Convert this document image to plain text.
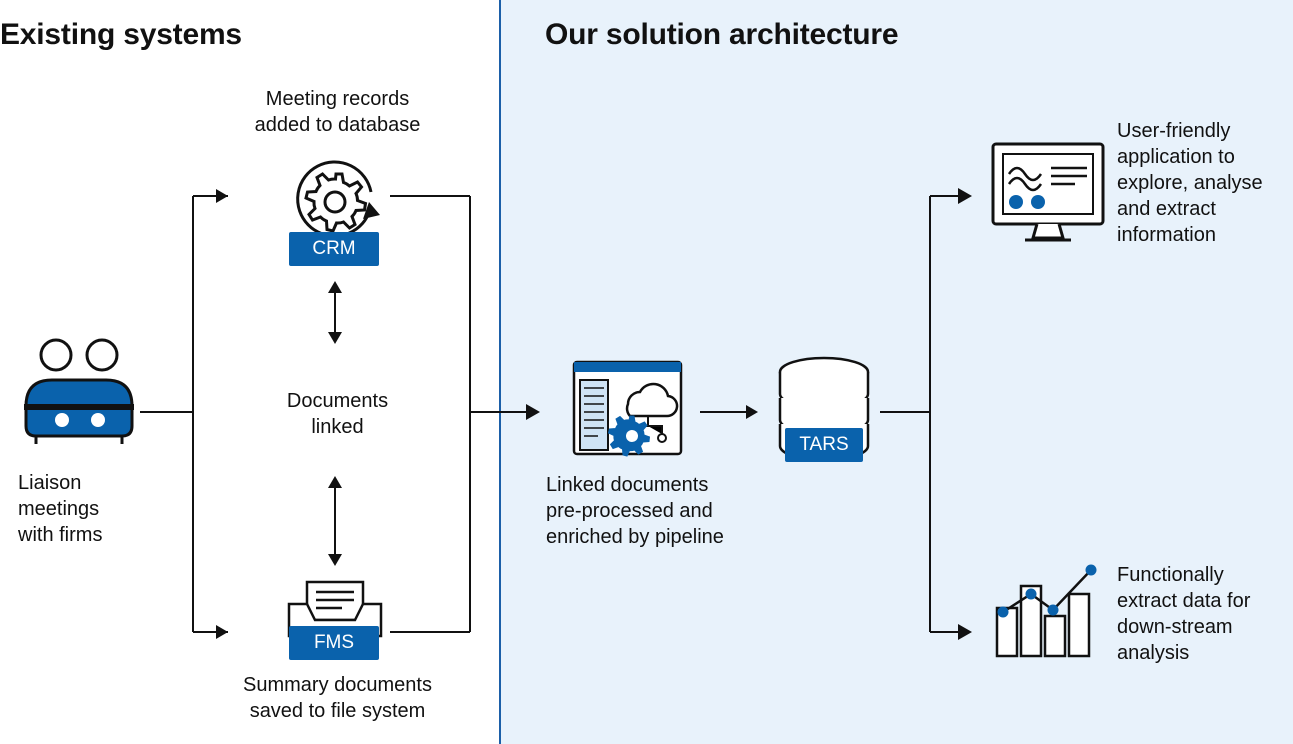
Existing systems	Our solution architecture
Liaison
meetings
with firms
Meeting records
added to database
CRM
Documents
linked
FMS
Summary documents
saved to file system
Linked documents
pre-processed and
enriched by pipeline
TARS
User-friendly
application to
explore, analyse
and extract
information
Functionally
extract data for
down-stream
analysis
